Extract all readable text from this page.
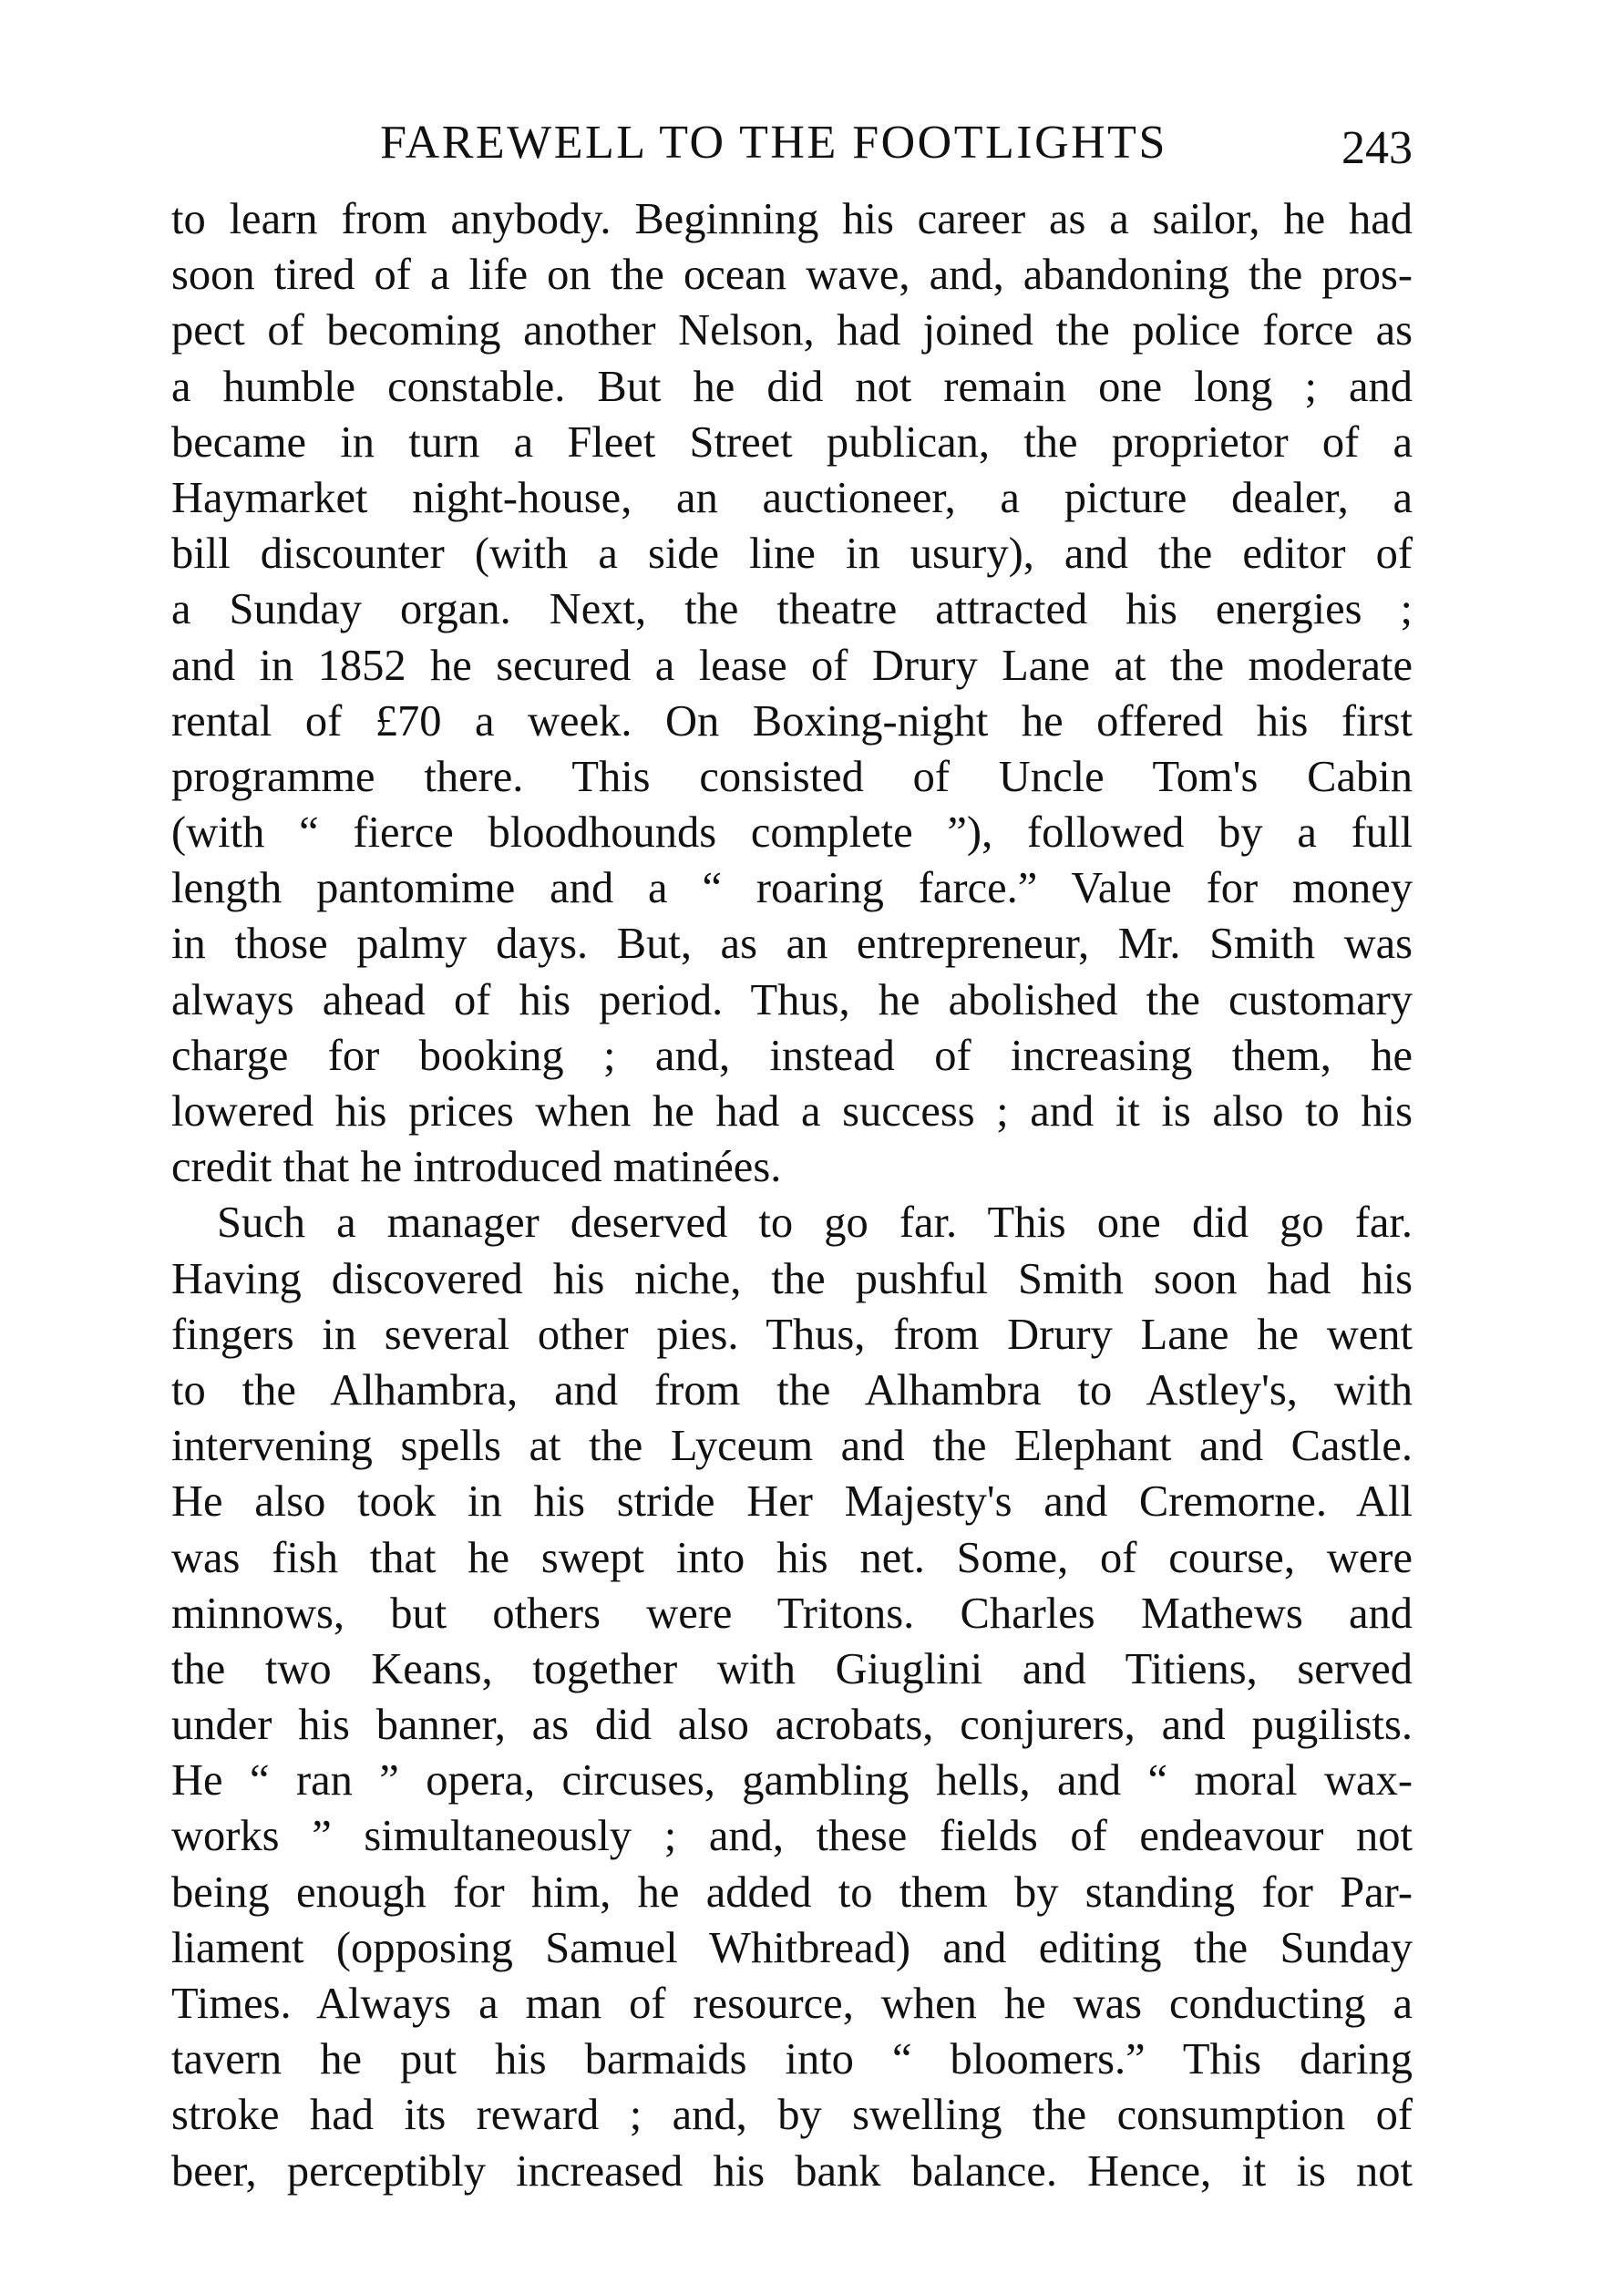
FAREWELL TO THE FOOTLIGHTS	243
to learn from anybody. Beginning his career as a sailor, he had
soon tired of a life on the ocean wave, and, abandoning the pros-
pect of becoming another Nelson, had joined the police force as
a humble constable. But he did not remain one long ; and
became in turn a Fleet Street publican, the proprietor of a
Haymarket night-house, an auctioneer, a picture dealer, a
bill discounter (with a side line in usury), and the editor of
a Sunday organ. Next, the theatre attracted his energies ;
and in 1852 he secured a lease of Drury Lane at the moderate
rental of £70 a week. On Boxing-night he offered his first
programme there. This consisted of Uncle Tom's Cabin
(with “ fierce bloodhounds complete ”), followed by a full
length pantomime and a “ roaring farce.” Value for money
in those palmy days. But, as an entrepreneur, Mr. Smith was
always ahead of his period. Thus, he abolished the customary
charge for booking ; and, instead of increasing them, he
lowered his prices when he had a success ; and it is also to his
credit that he introduced matinées.
Such a manager deserved to go far. This one did go far.
Having discovered his niche, the pushful Smith soon had his
fingers in several other pies. Thus, from Drury Lane he went
to the Alhambra, and from the Alhambra to Astley's, with
intervening spells at the Lyceum and the Elephant and Castle.
He also took in his stride Her Majesty's and Cremorne. All
was fish that he swept into his net. Some, of course, were
minnows, but others were Tritons. Charles Mathews and
the two Keans, together with Giuglini and Titiens, served
under his banner, as did also acrobats, conjurers, and pugilists.
He “ ran ” opera, circuses, gambling hells, and “ moral wax-
works ” simultaneously ; and, these fields of endeavour not
being enough for him, he added to them by standing for Par-
liament (opposing Samuel Whitbread) and editing the Sunday
Times. Always a man of resource, when he was conducting a
tavern he put his barmaids into “ bloomers.” This daring
stroke had its reward ; and, by swelling the consumption of
beer, perceptibly increased his bank balance. Hence, it is not
